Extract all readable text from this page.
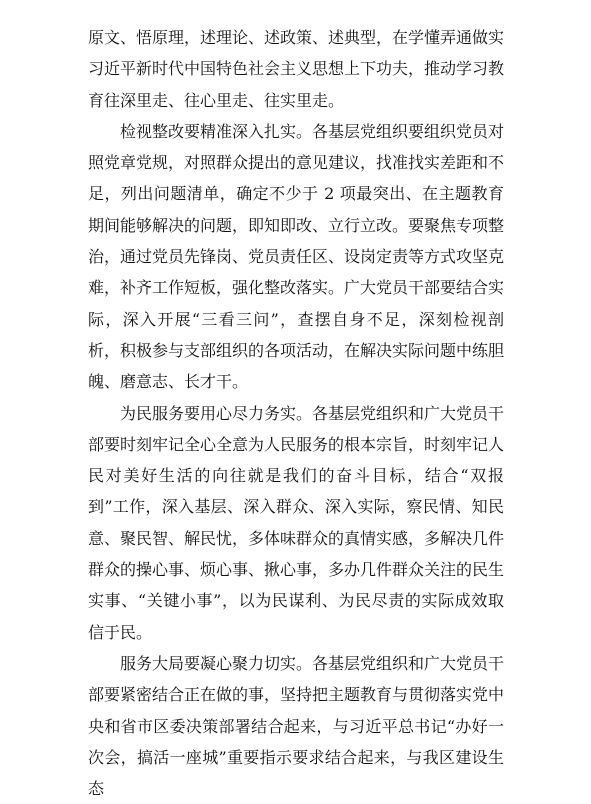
原文、悟原理，述理论、述政策、述典型，在学懂弄通做实习近平新时代中国特色社会主义思想上下功夫，推动学习教育往深里走、往心里走、往实里走。

检视整改要精准深入扎实。各基层党组织要组织党员对照党章党规，对照群众提出的意见建议，找准找实差距和不足，列出问题清单，确定不少于 2 项最突出、在主题教育期间能够解决的问题，即知即改、立行立改。要聚焦专项整治，通过党员先锋岗、党员责任区、设岗定责等方式攻坚克难，补齐工作短板，强化整改落实。广大党员干部要结合实际，深入开展“三看三问”，查摆自身不足，深刻检视剖析，积极参与支部组织的各项活动，在解决实际问题中练胆魄、磨意志、长才干。

为民服务要用心尽力务实。各基层党组织和广大党员干部要时刻牢记全心全意为人民服务的根本宗旨，时刻牢记人民对美好生活的向往就是我们的奋斗目标，结合“双报到”工作，深入基层、深入群众、深入实际，察民情、知民意、聚民智、解民忧，多体味群众的真情实感，多解决几件群众的操心事、烦心事、揪心事，多办几件群众关注的民生实事、“关键小事”，以为民谋利、为民尽责的实际成效取信于民。

服务大局要凝心聚力切实。各基层党组织和广大党员干部要紧密结合正在做的事，坚持把主题教育与贯彻落实党中央和省市区委决策部署结合起来，与习近平总书记“办好一次会，搞活一座城”重要指示要求结合起来，与我区建设生态
